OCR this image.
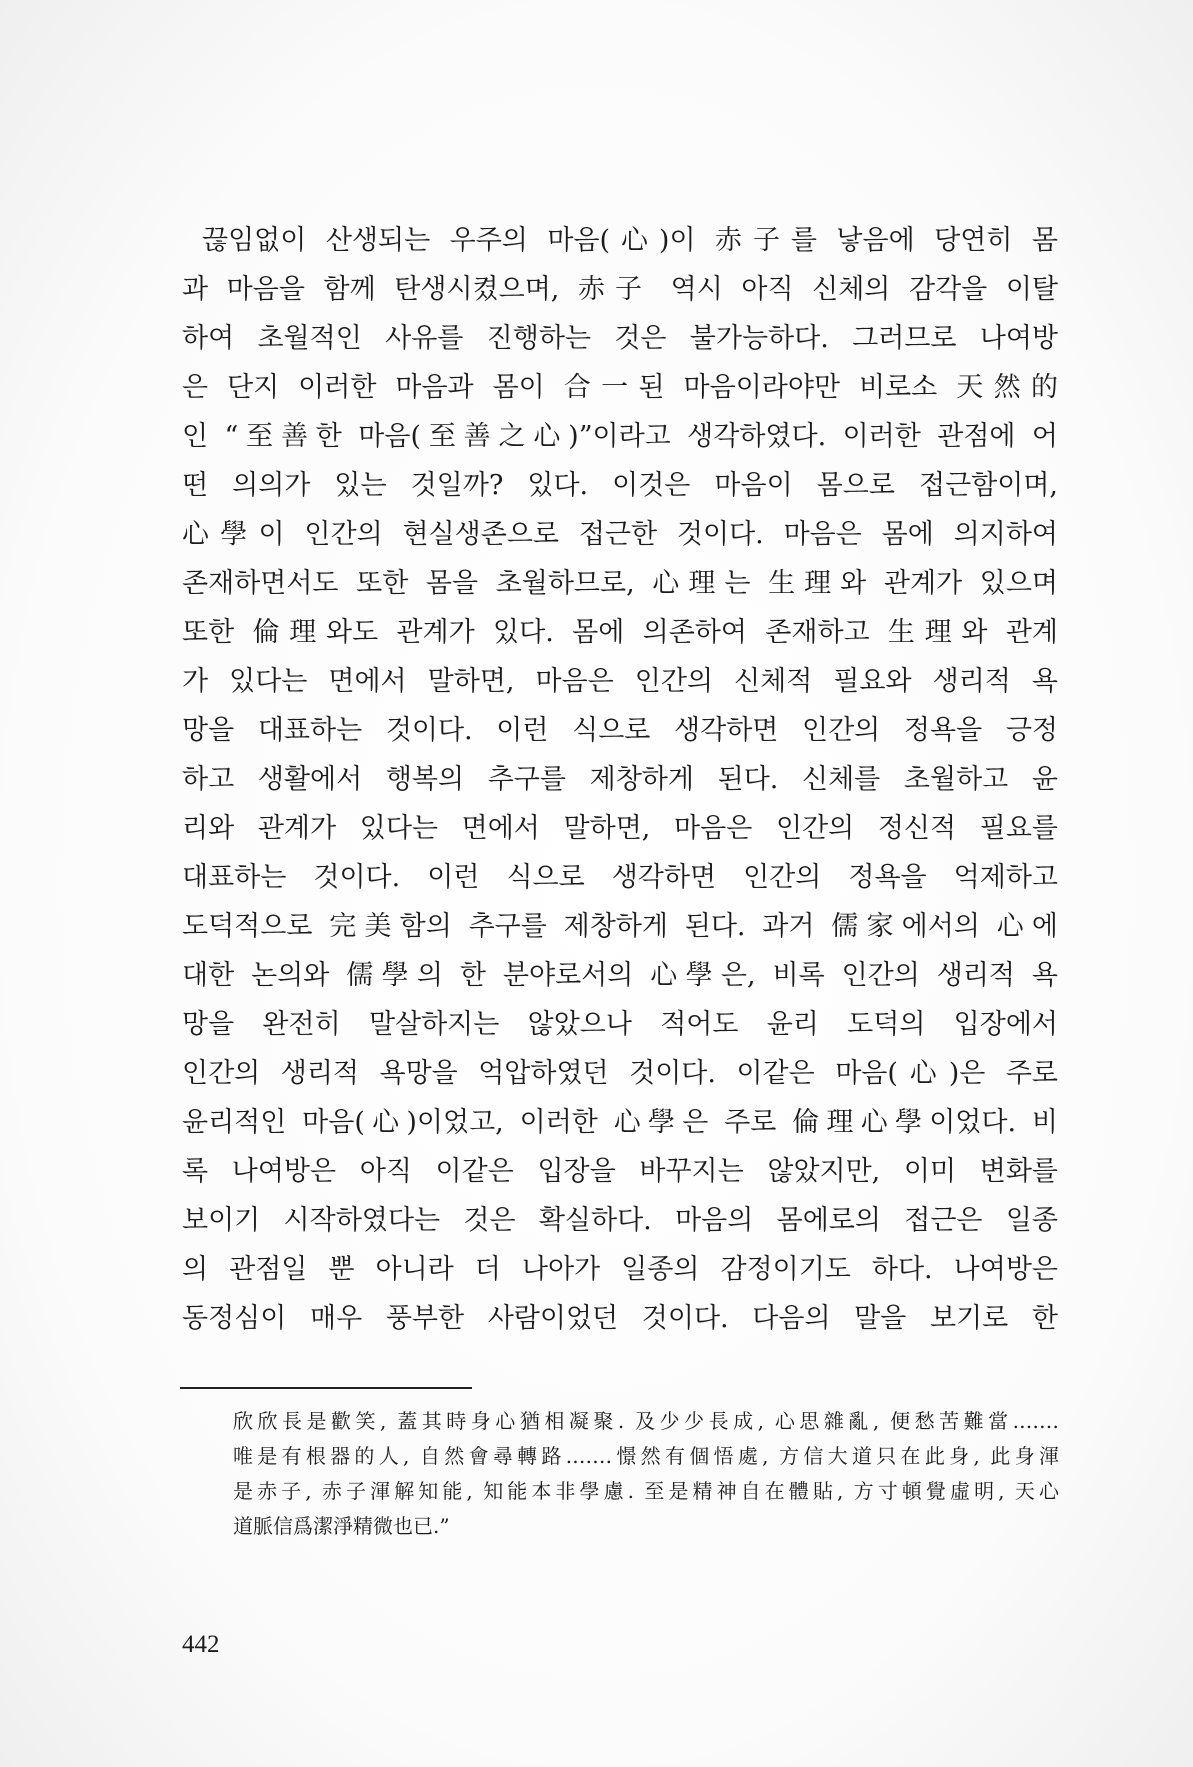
끊임없이 산생되는 우주의 마음(心)이 赤子를 낳음에 당연히 몸
과 마음을 함께 탄생시켰으며, 赤子 역시 아직 신체의 감각을 이탈
하여 초월적인 사유를 진행하는 것은 불가능하다. 그러므로 나여방
은 단지 이러한 마음과 몸이 合一된 마음이라야만 비로소 天然的
인 “至善한 마음(至善之心)”이라고 생각하였다. 이러한 관점에 어
떤 의의가 있는 것일까? 있다. 이것은 마음이 몸으로 접근함이며,
心學이 인간의 현실생존으로 접근한 것이다. 마음은 몸에 의지하여
존재하면서도 또한 몸을 초월하므로, 心理는 生理와 관계가 있으며
또한 倫理와도 관계가 있다. 몸에 의존하여 존재하고 生理와 관계
가 있다는 면에서 말하면, 마음은 인간의 신체적 필요와 생리적 욕
망을 대표하는 것이다. 이런 식으로 생각하면 인간의 정욕을 긍정
하고 생활에서 행복의 추구를 제창하게 된다. 신체를 초월하고 윤
리와 관계가 있다는 면에서 말하면, 마음은 인간의 정신적 필요를
대표하는 것이다. 이런 식으로 생각하면 인간의 정욕을 억제하고
도덕적으로 完美함의 추구를 제창하게 된다. 과거 儒家에서의 心에
대한 논의와 儒學의 한 분야로서의 心學은, 비록 인간의 생리적 욕
망을 완전히 말살하지는 않았으나 적어도 윤리 도덕의 입장에서
인간의 생리적 욕망을 억압하였던 것이다. 이같은 마음(心)은 주로
윤리적인 마음(心)이었고, 이러한 心學은 주로 倫理心學이었다. 비
록 나여방은 아직 이같은 입장을 바꾸지는 않았지만, 이미 변화를
보이기 시작하였다는 것은 확실하다. 마음의 몸에로의 접근은 일종
의 관점일 뿐 아니라 더 나아가 일종의 감정이기도 하다. 나여방은
동정심이 매우 풍부한 사람이었던 것이다. 다음의 말을 보기로 한
欣欣長是歡笑, 蓋其時身心猶相凝聚. 及少少長成, 心思雜亂, 便愁苦難當.……
唯是有根器的人, 自然會尋轉路.……憬然有個悟處, 方信大道只在此身, 此身渾
是赤子, 赤子渾解知能, 知能本非學慮. 至是精神自在體貼, 方寸頓覺虛明, 天心
道脈信爲潔淨精微也已.”
442
